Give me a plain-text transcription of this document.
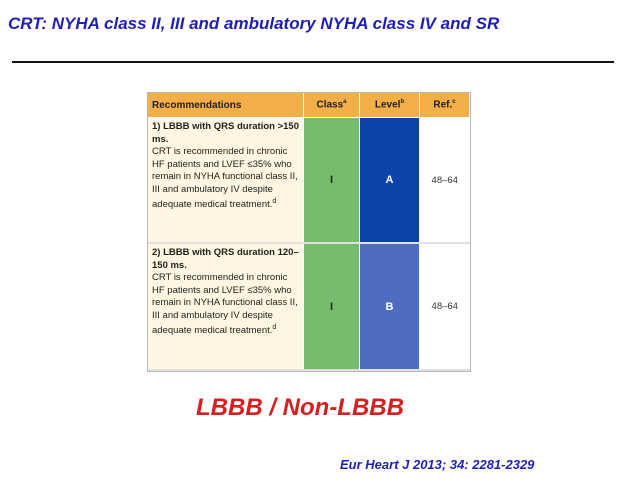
CRT: NYHA class II, III and ambulatory NYHA class IV and SR
Recommendations	Class$^a$	Level$^b$	Ref.$^c$

1) LBBB with QRS duration >150 ms.
CRT is recommended in chronic HF patients and LVEF ≤35% who remain in NYHA functional class II, III and ambulatory IV despite adequate medical treatment.$^d$	I	A	48–64

2) LBBB with QRS duration 120–150 ms.
CRT is recommended in chronic HF patients and LVEF ≤35% who remain in NYHA functional class II, III and ambulatory IV despite adequate medical treatment.$^d$	I	B	48–64
LBBB / Non-LBBB
Eur Heart J 2013; 34: 2281-2329
